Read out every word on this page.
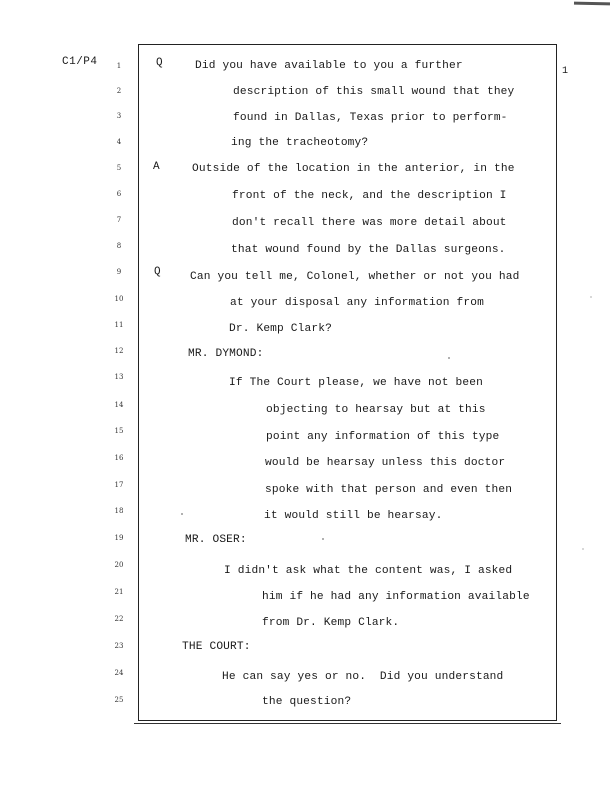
C1/P4
1
1	Q	Did you have available to you a further
2	description of this small wound that they
3	found in Dallas, Texas prior to perform-
4	ing the tracheotomy?
5	A	Outside of the location in the anterior, in the
6	front of the neck, and the description I
7	don't recall there was more detail about
8	that wound found by the Dallas surgeons.
9	Q	Can you tell me, Colonel, whether or not you had
10	at your disposal any information from
11	Dr. Kemp Clark?
12	MR. DYMOND:
13	If The Court please, we have not been
14	objecting to hearsay but at this
15	point any information of this type
16	would be hearsay unless this doctor
17	spoke with that person and even then
18	it would still be hearsay.
19	MR. OSER:
20	I didn't ask what the content was, I asked
21	him if he had any information available
22	from Dr. Kemp Clark.
23	THE COURT:
24	He can say yes or no.  Did you understand
25	the question?
